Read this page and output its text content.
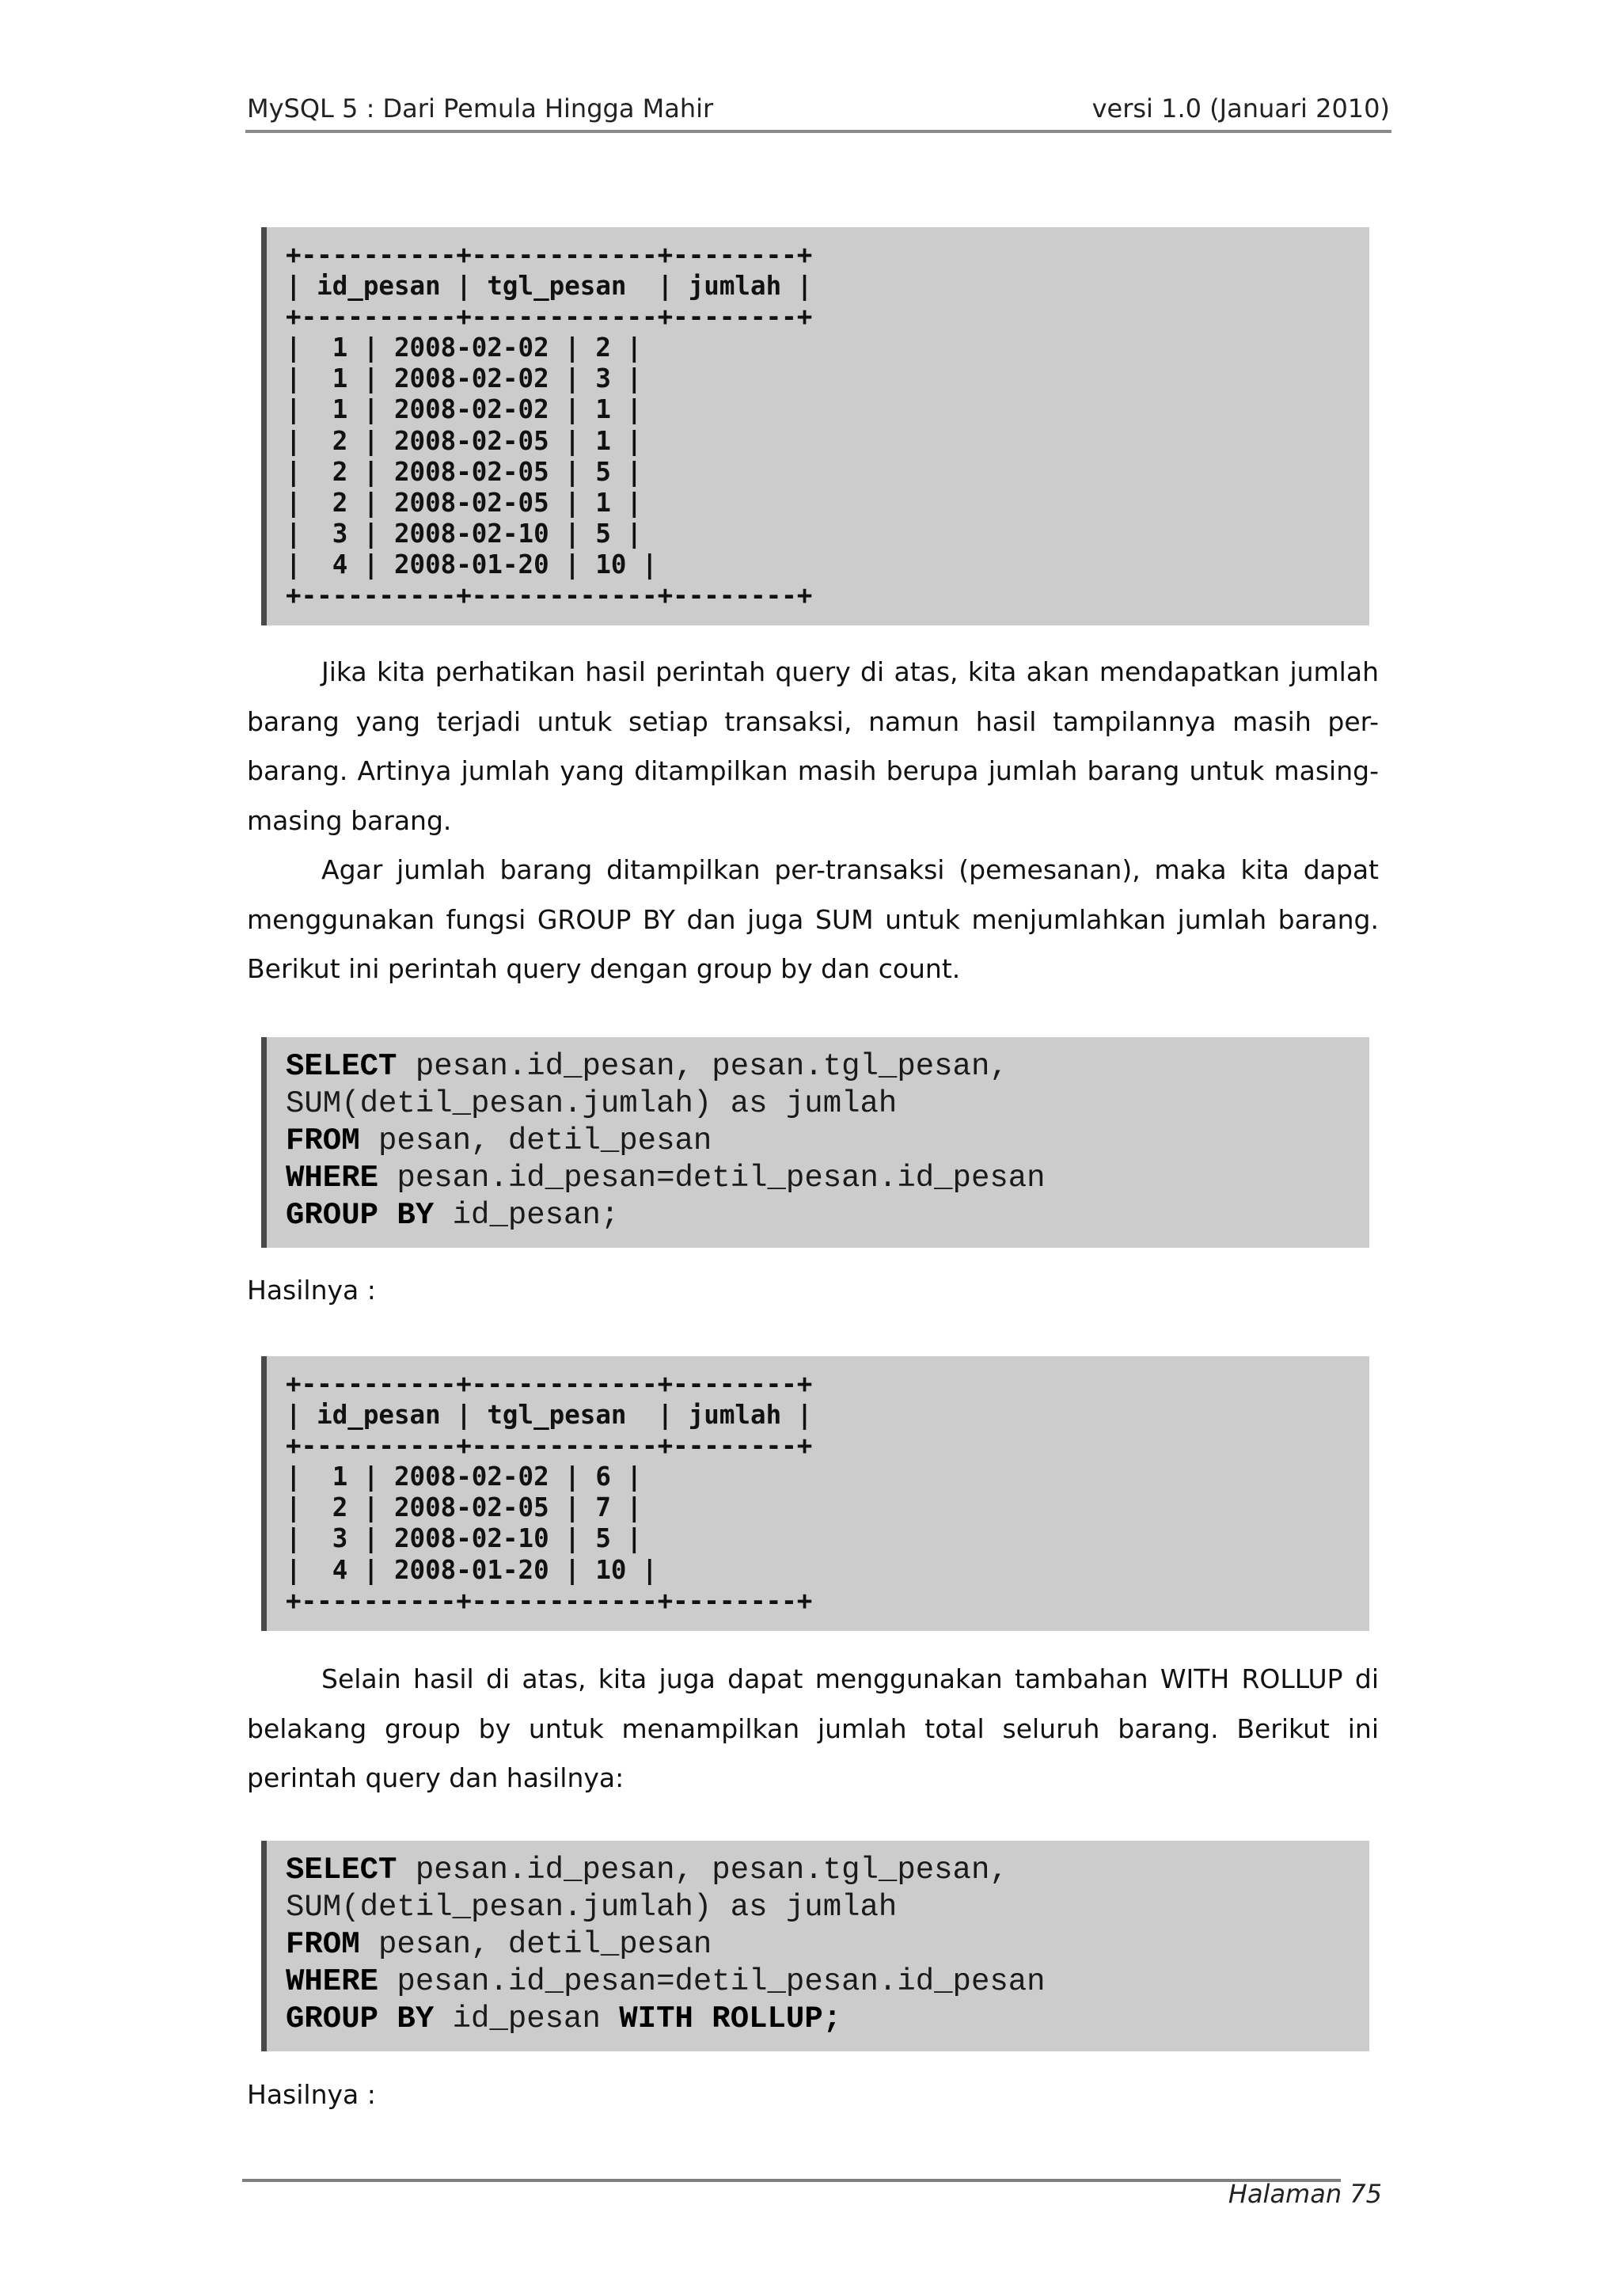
MySQL 5 : Dari Pemula Hingga Mahir	versi 1.0 (Januari 2010)
+----------+------------+--------+
| id_pesan | tgl_pesan  | jumlah |
+----------+------------+--------+
|  1 | 2008-02-02 | 2 |
|  1 | 2008-02-02 | 3 |
|  1 | 2008-02-02 | 1 |
|  2 | 2008-02-05 | 1 |
|  2 | 2008-02-05 | 5 |
|  2 | 2008-02-05 | 1 |
|  3 | 2008-02-10 | 5 |
|  4 | 2008-01-20 | 10 |
+----------+------------+--------+

Jika kita perhatikan hasil perintah query di atas, kita akan mendapatkan jumlah barang yang terjadi untuk setiap transaksi, namun hasil tampilannya masih per-barang. Artinya jumlah yang ditampilkan masih berupa jumlah barang untuk masing-masing barang.

Agar jumlah barang ditampilkan per-transaksi (pemesanan), maka kita dapat menggunakan fungsi GROUP BY dan juga SUM untuk menjumlahkan jumlah barang. Berikut ini perintah query dengan group by dan count.

SELECT pesan.id_pesan, pesan.tgl_pesan,
SUM(detil_pesan.jumlah) as jumlah
FROM pesan, detil_pesan
WHERE pesan.id_pesan=detil_pesan.id_pesan
GROUP BY id_pesan;

Hasilnya :

+----------+------------+--------+
| id_pesan | tgl_pesan  | jumlah |
+----------+------------+--------+
|  1 | 2008-02-02 | 6 |
|  2 | 2008-02-05 | 7 |
|  3 | 2008-02-10 | 5 |
|  4 | 2008-01-20 | 10 |
+----------+------------+--------+

Selain hasil di atas, kita juga dapat menggunakan tambahan WITH ROLLUP di belakang group by untuk menampilkan jumlah total seluruh barang. Berikut ini perintah query dan hasilnya:

SELECT pesan.id_pesan, pesan.tgl_pesan,
SUM(detil_pesan.jumlah) as jumlah
FROM pesan, detil_pesan
WHERE pesan.id_pesan=detil_pesan.id_pesan
GROUP BY id_pesan WITH ROLLUP;

Hasilnya :

Halaman 75
